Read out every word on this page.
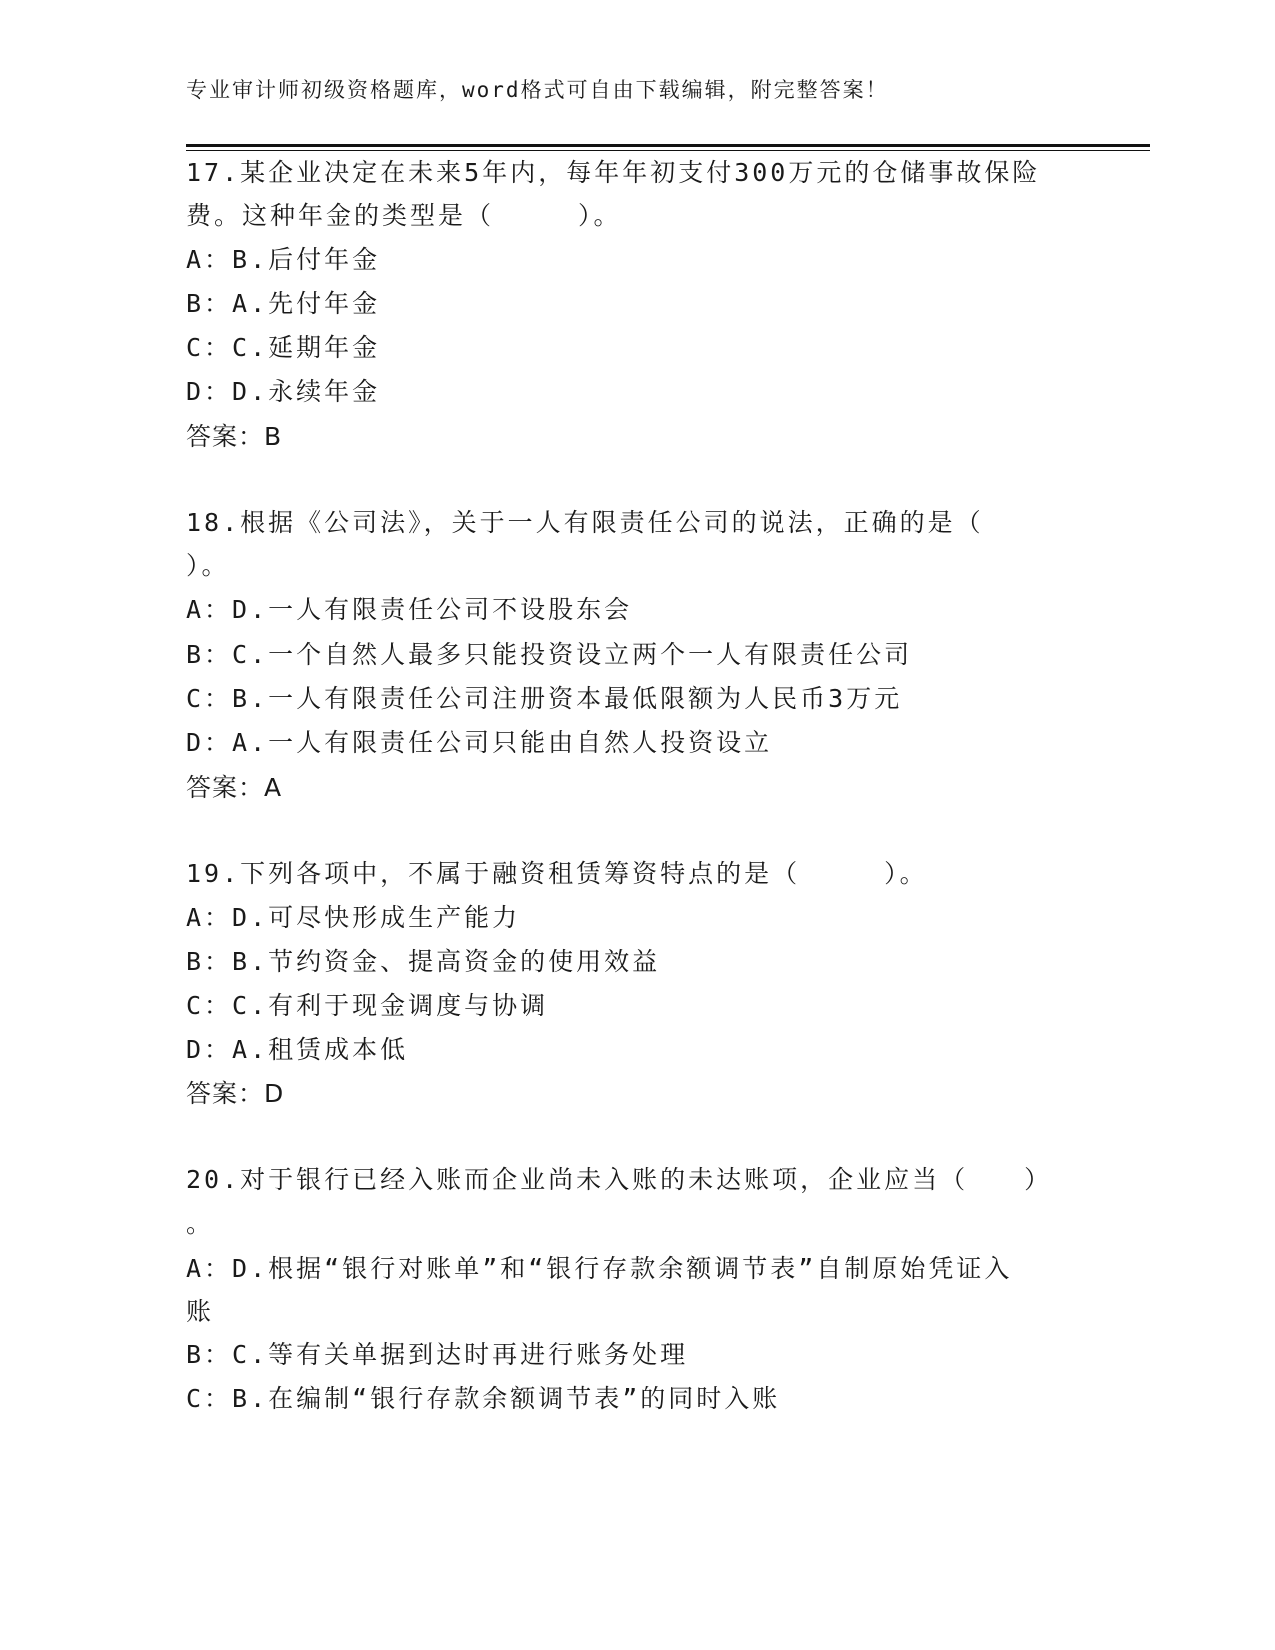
专业审计师初级资格题库，word格式可自由下载编辑，附完整答案！
17.某企业决定在未来5年内，每年年初支付300万元的仓储事故保险
费。这种年金的类型是（　　　）。
A：B.后付年金
B：A.先付年金
C：C.延期年金
D：D.永续年金
答案：B
18.根据《公司法》，关于一人有限责任公司的说法，正确的是（
）。
A：D.一人有限责任公司不设股东会
B：C.一个自然人最多只能投资设立两个一人有限责任公司
C：B.一人有限责任公司注册资本最低限额为人民币3万元
D：A.一人有限责任公司只能由自然人投资设立
答案：A
19.下列各项中，不属于融资租赁筹资特点的是（　　　）。
A：D.可尽快形成生产能力
B：B.节约资金、提高资金的使用效益
C：C.有利于现金调度与协调
D：A.租赁成本低
答案：D
20.对于银行已经入账而企业尚未入账的未达账项，企业应当（　　）
。
A：D.根据“银行对账单”和“银行存款余额调节表”自制原始凭证入
账
B：C.等有关单据到达时再进行账务处理
C：B.在编制“银行存款余额调节表”的同时入账
